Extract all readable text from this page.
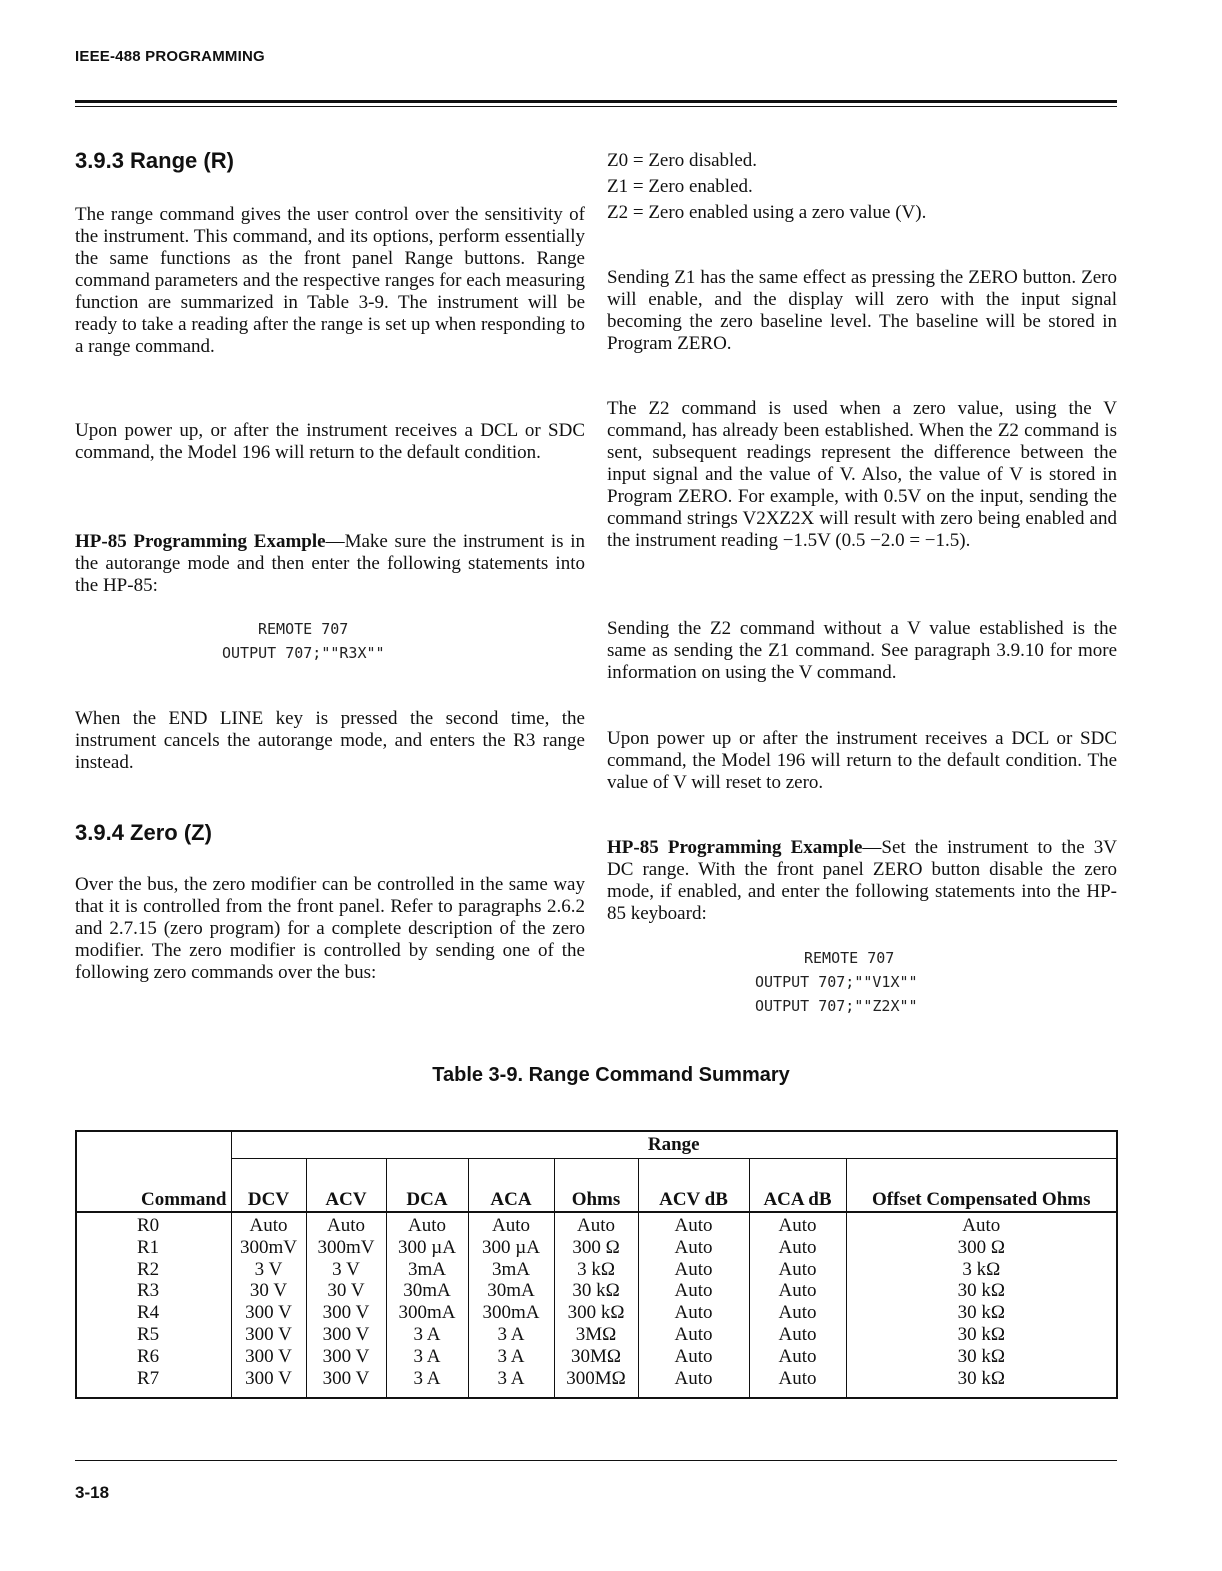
IEEE-488 PROGRAMMING
3.9.3 Range (R)
The range command gives the user control over the sensitivity of the instrument. This command, and its options, perform essentially the same functions as the front panel Range buttons. Range command parameters and the respective ranges for each measuring function are summarized in Table 3-9. The instrument will be ready to take a reading after the range is set up when responding to a range command.
Upon power up, or after the instrument receives a DCL or SDC command, the Model 196 will return to the default condition.
HP-85 Programming Example—Make sure the instrument is in the autorange mode and then enter the following statements into the HP-85:
REMOTE 707
OUTPUT 707;""R3X""
When the END LINE key is pressed the second time, the instrument cancels the autorange mode, and enters the R3 range instead.
3.9.4 Zero (Z)
Over the bus, the zero modifier can be controlled in the same way that it is controlled from the front panel. Refer to paragraphs 2.6.2 and 2.7.15 (zero program) for a complete description of the zero modifier. The zero modifier is controlled by sending one of the following zero commands over the bus:
Z0 = Zero disabled.
Z1 = Zero enabled.
Z2 = Zero enabled using a zero value (V).
Sending Z1 has the same effect as pressing the ZERO button. Zero will enable, and the display will zero with the input signal becoming the zero baseline level. The baseline will be stored in Program ZERO.
The Z2 command is used when a zero value, using the V command, has already been established. When the Z2 command is sent, subsequent readings represent the difference between the input signal and the value of V. Also, the value of V is stored in Program ZERO. For example, with 0.5V on the input, sending the command strings V2XZ2X will result with zero being enabled and the instrument reading −1.5V (0.5 −2.0 = −1.5).
Sending the Z2 command without a V value established is the same as sending the Z1 command. See paragraph 3.9.10 for more information on using the V command.
Upon power up or after the instrument receives a DCL or SDC command, the Model 196 will return to the default condition. The value of V will reset to zero.
HP-85 Programming Example—Set the instrument to the 3V DC range. With the front panel ZERO button disable the zero mode, if enabled, and enter the following statements into the HP-85 keyboard:
REMOTE 707
OUTPUT 707;""V1X""
OUTPUT 707;""Z2X""
Table 3-9. Range Command Summary
Command	Range							
	DCV	ACV	DCA	ACA	Ohms	ACV dB	ACA dB	Offset Compensated Ohms
R0	Auto	Auto	Auto	Auto	Auto	Auto	Auto	Auto
R1	300mV	300mV	300 µA	300 µA	300 Ω	Auto	Auto	300 Ω
R2	3 V	3 V	3mA	3mA	3 kΩ	Auto	Auto	3 kΩ
R3	30 V	30 V	30mA	30mA	30 kΩ	Auto	Auto	30 kΩ
R4	300 V	300 V	300mA	300mA	300 kΩ	Auto	Auto	30 kΩ
R5	300 V	300 V	3 A	3 A	3MΩ	Auto	Auto	30 kΩ
R6	300 V	300 V	3 A	3 A	30MΩ	Auto	Auto	30 kΩ
R7	300 V	300 V	3 A	3 A	300MΩ	Auto	Auto	30 kΩ
3-18
